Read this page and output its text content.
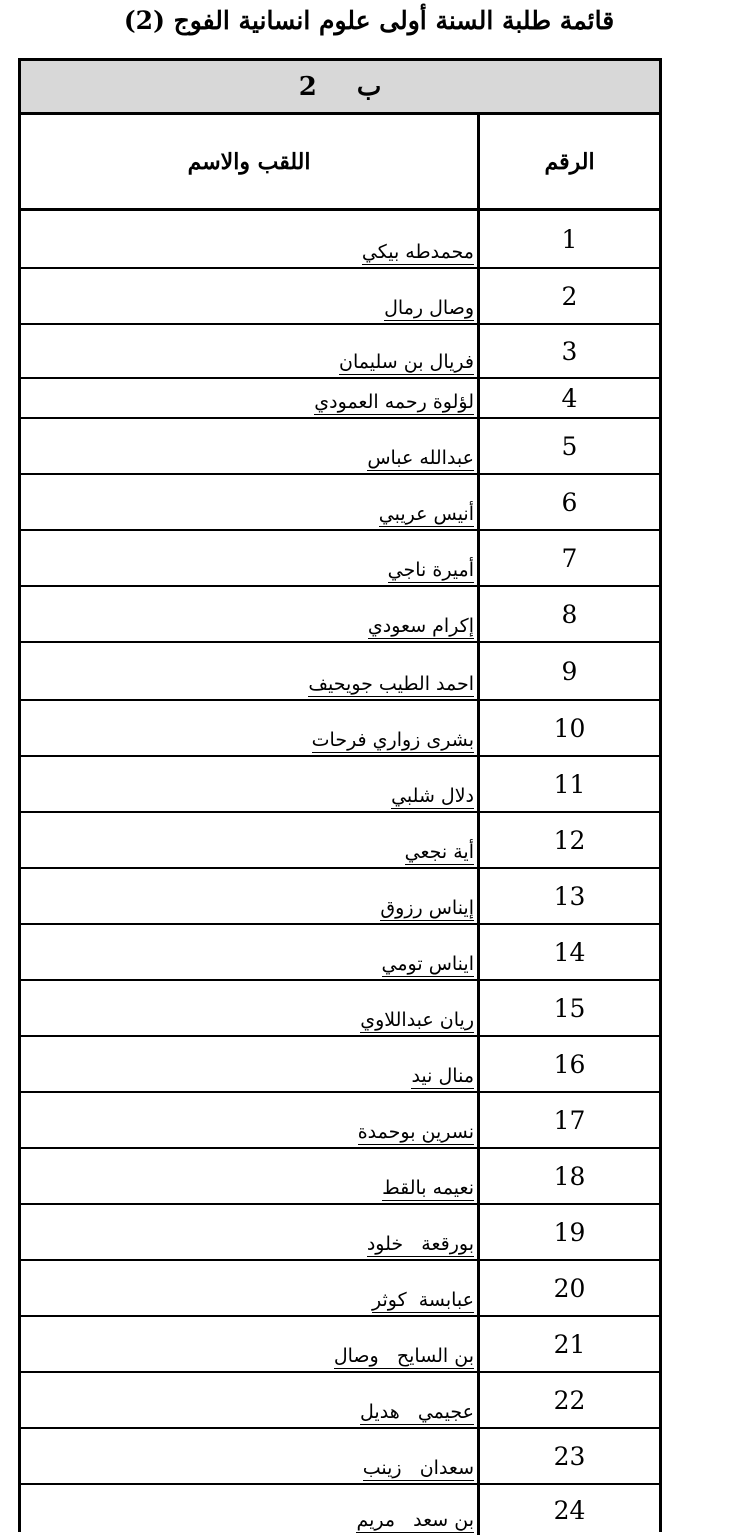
قائمة طلبة السنة أولى علوم انسانية الفوج (2)
ب
2
اللقب والاسم	الرقم
محمدطه بيكي	1
وصال رمال	2
فريال بن سليمان	3
لؤلوة رحمه العمودي	4
عبدالله عباس	5
أنيس عريبي	6
أميرة ناجي	7
إكرام سعودي	8
احمد الطيب جويحيف	9
بشرى زواري فرحات	10
دلال شلبي	11
أية نجعي	12
إيناس رزوق	13
ايناس تومي	14
ريان عبداللاوي	15
منال نيد	16
نسرين بوحمدة	17
نعيمه بالقط	18
بورقعة   خلود	19
عبابسة  كوثر	20
بن السايح   وصال	21
عجيمي   هديل	22
سعدان   زينب	23
بن سعد   مريم	24
